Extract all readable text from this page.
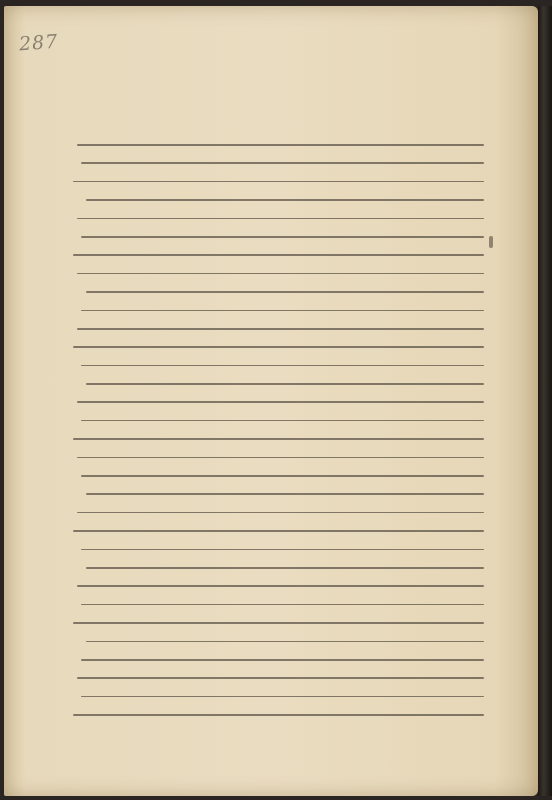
287
